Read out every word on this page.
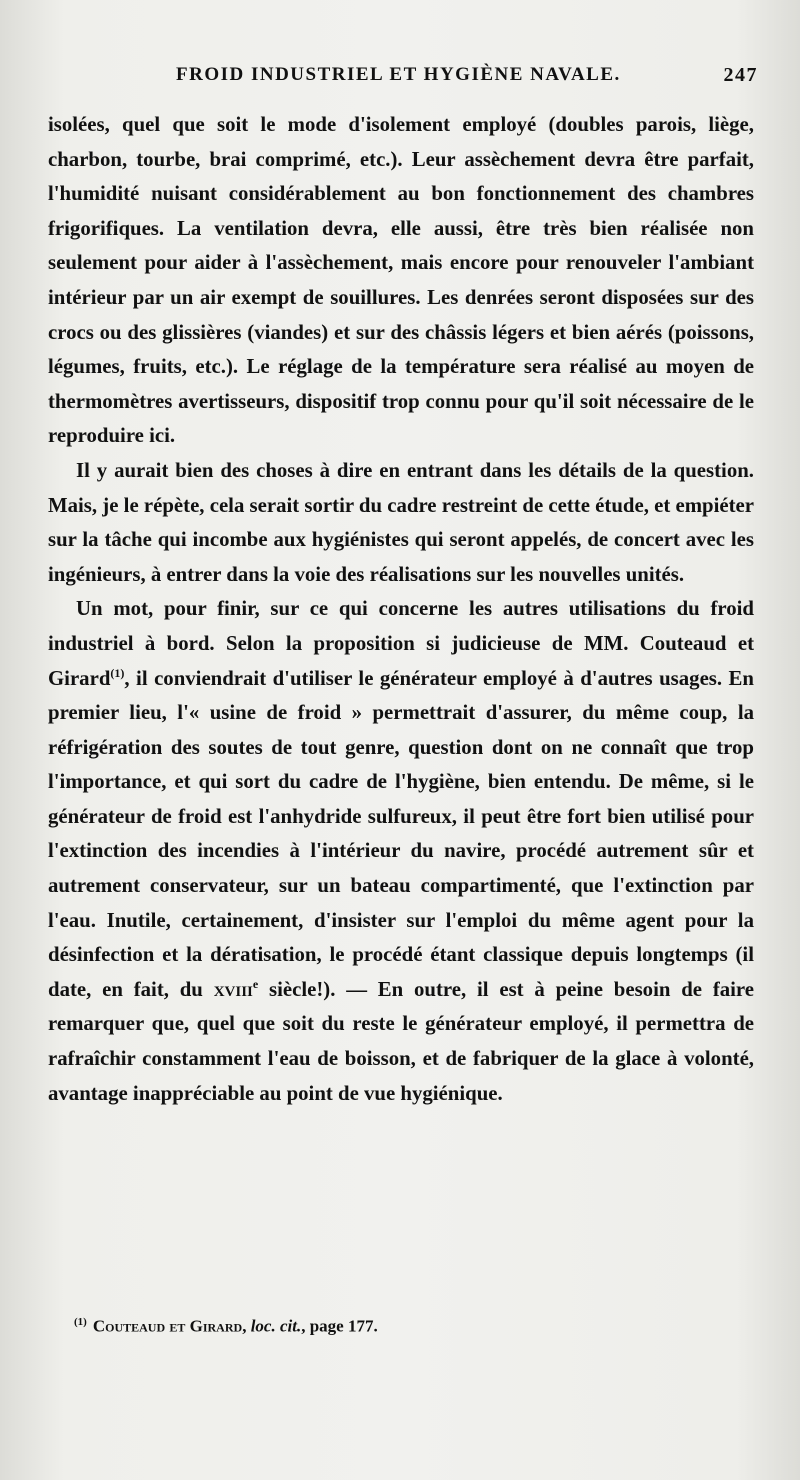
FROID INDUSTRIEL ET HYGIÈNE NAVALE.	247

isolées, quel que soit le mode d'isolement employé (doubles parois, liège, charbon, tourbe, brai comprimé, etc.). Leur assèchement devra être parfait, l'humidité nuisant considérablement au bon fonctionnement des chambres frigorifiques. La ventilation devra, elle aussi, être très bien réalisée non seulement pour aider à l'assèchement, mais encore pour renouveler l'ambiant intérieur par un air exempt de souillures. Les denrées seront disposées sur des crocs ou des glissières (viandes) et sur des châssis légers et bien aérés (poissons, légumes, fruits, etc.). Le réglage de la température sera réalisé au moyen de thermomètres avertisseurs, dispositif trop connu pour qu'il soit nécessaire de le reproduire ici.

Il y aurait bien des choses à dire en entrant dans les détails de la question. Mais, je le répète, cela serait sortir du cadre restreint de cette étude, et empiéter sur la tâche qui incombe aux hygiénistes qui seront appelés, de concert avec les ingénieurs, à entrer dans la voie des réalisations sur les nouvelles unités.

Un mot, pour finir, sur ce qui concerne les autres utilisations du froid industriel à bord. Selon la proposition si judicieuse de MM. Couteaud et Girard$^{(1)}$, il conviendrait d'utiliser le générateur employé à d'autres usages. En premier lieu, l'« usine de froid » permettrait d'assurer, du même coup, la réfrigération des soutes de tout genre, question dont on ne connaît que trop l'importance, et qui sort du cadre de l'hygiène, bien entendu. De même, si le générateur de froid est l'anhydride sulfureux, il peut être fort bien utilisé pour l'extinction des incendies à l'intérieur du navire, procédé autrement sûr et autrement conservateur, sur un bateau compartimenté, que l'extinction par l'eau. Inutile, certainement, d'insister sur l'emploi du même agent pour la désinfection et la dératisation, le procédé étant classique depuis longtemps (il date, en fait, du xviii$^e$ siècle!). — En outre, il est à peine besoin de faire remarquer que, quel que soit du reste le générateur employé, il permettra de rafraîchir constamment l'eau de boisson, et de fabriquer de la glace à volonté, avantage inappréciable au point de vue hygiénique.

$^{(1)}$ Couteaud et Girard, loc. cit., page 177.
